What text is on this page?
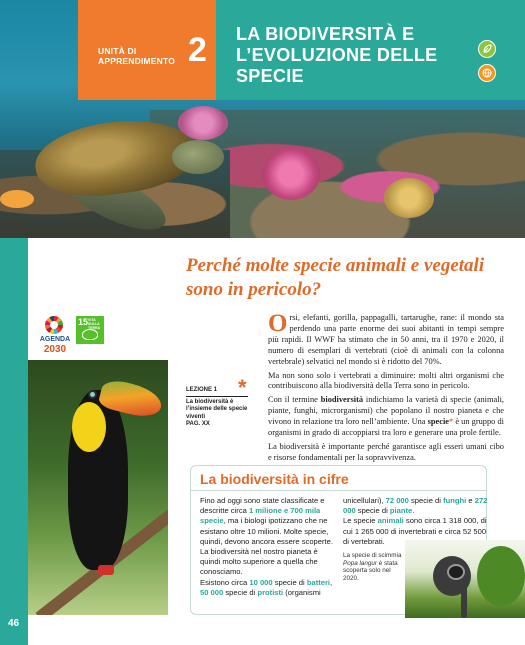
UNITÀ DI APPRENDIMENTO 2 LA BIODIVERSITÀ E L’EVOLUZIONE DELLE SPECIE
46
Perché molte specie animali e vegetali sono in pericolo?
AGENDA
2030
15 VITA SULLA TERRA
*
LEZIONE 1
La biodiversità è l’insieme delle specie viventi
PAG. XX

Orsi, elefanti, gorilla, pappagalli, tartarughe, rane: il mondo sta perdendo una parte enorme dei suoi abitanti in tempi sempre più rapidi. Il WWF ha stimato che in 50 anni, tra il 1970 e 2020, il numero di esemplari di vertebrati (cioè di animali con la colonna vertebrale) selvatici nel mondo si è ridotto del 70%.

Ma non sono solo i vertebrati a diminuire: molti altri organismi che contribuiscono alla biodiversità della Terra sono in pericolo.

Con il termine biodiversità indichiamo la varietà di specie (animali, piante, funghi, microrganismi) che popolano il nostro pianeta e che vivono in relazione tra loro nell’ambiente. Una specie* è un gruppo di organismi in grado di accoppiarsi tra loro e generare una prole fertile.

La biodiversità è importante perché garantisce agli esseri umani cibo e risorse fondamentali per la sopravvivenza.

La biodiversità in cifre
Fino ad oggi sono state classificate e descritte circa 1 milione e 700 mila specie, ma i biologi ipotizzano che ne esistano oltre 10 milioni. Molte specie, quindi, devono ancora essere scoperte. La biodiversità nel nostro pianeta è quindi molto superiore a quella che conosciamo.
Esistono circa 10 000 specie di batteri, 50 000 specie di protisti (organismi
unicellulari), 72 000 specie di funghi e 272 000 specie di piante.
Le specie animali sono circa 1 318 000, di cui 1 265 000 di invertebrati e circa 52 500 di vertebrati.
La specie di scimmia Popa langur è stata scoperta solo nel 2020.
